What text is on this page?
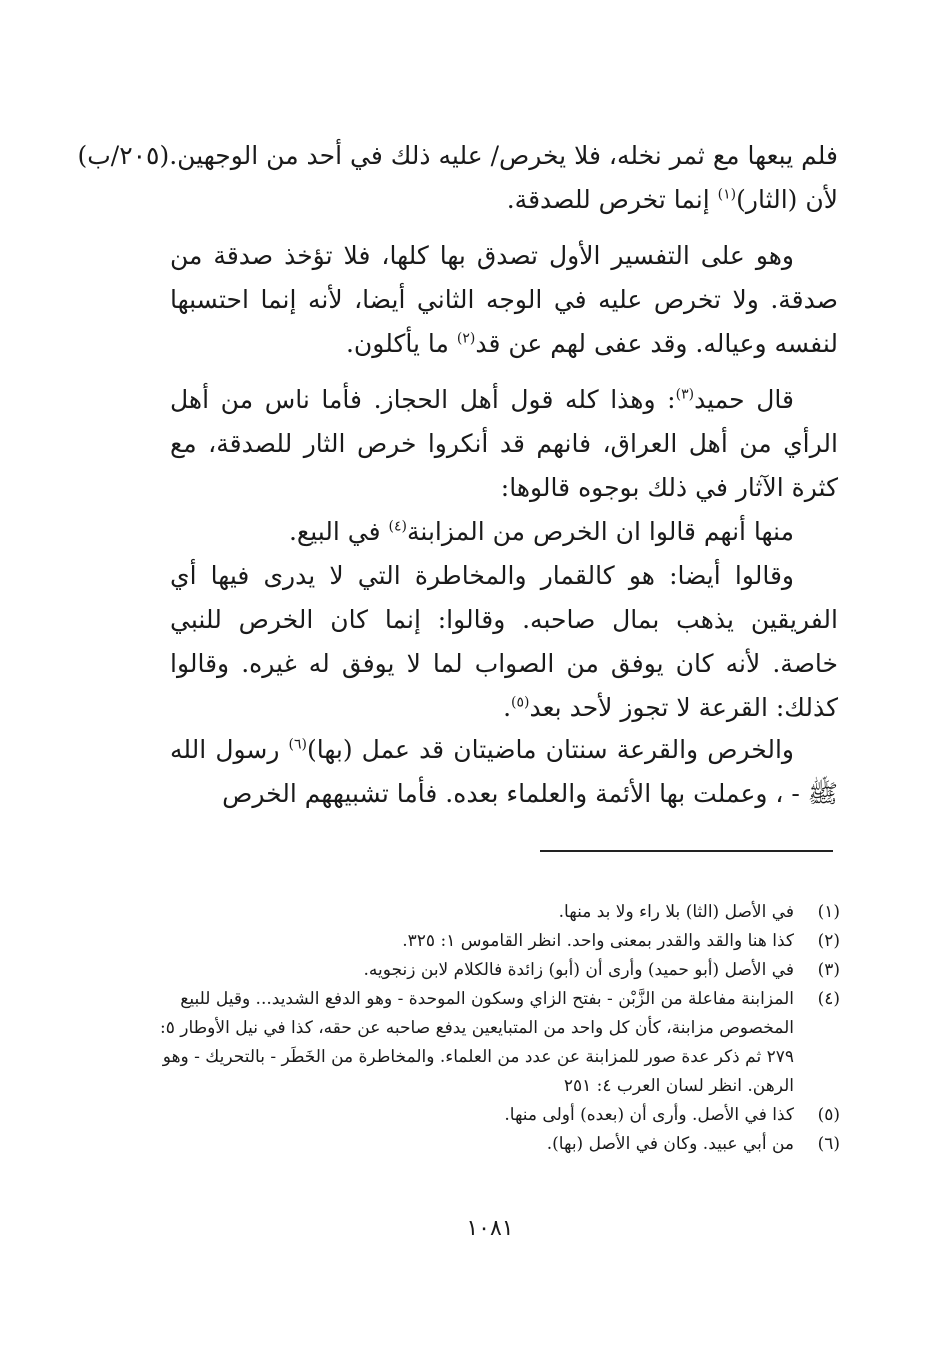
فلم يبعها مع ثمر نخله، فلا يخرص/ عليه ذلك في أحد من الوجهين.(٢٠٥/ب)

لأن (الثار)$^{(١)}$ إنما تخرص للصدقة.

وهو على التفسير الأول تصدق بها كلها، فلا تؤخذ صدقة من صدقة. ولا تخرص عليه في الوجه الثاني أيضا، لأنه إنما احتسبها لنفسه وعياله. وقد عفى لهم عن قد$^{(٢)}$ ما يأكلون.

قال حميد$^{(٣)}$: وهذا كله قول أهل الحجاز. فأما ناس من أهل الرأي من أهل العراق، فانهم قد أنكروا خرص الثار للصدقة، مع كثرة الآثار في ذلك بوجوه قالوها:

منها أنهم قالوا ان الخرص من المزابنة$^{(٤)}$ في البيع.

وقالوا أيضا: هو كالقمار والمخاطرة التي لا يدرى فيها أي الفريقين يذهب بمال صاحبه. وقالوا: إنما كان الخرص للنبي خاصة. لأنه كان يوفق من الصواب لما لا يوفق له غيره. وقالوا كذلك: القرعة لا تجوز لأحد بعد$^{(٥)}$.

والخرص والقرعة سنتان ماضيتان قد عمل (بها)$^{(٦)}$ رسول الله ﷺ - ، وعملت بها الأئمة والعلماء بعده. فأما تشبيههم الخرص

(١)
في الأصل (الثا) بلا راء ولا بد منها.
(٢)
كذا هنا والقد والقدر بمعنى واحد. انظر القاموس ١: ٣٢٥.
(٣)
في الأصل (أبو حميد) وأرى أن (أبو) زائدة فالكلام لابن زنجويه.
(٤)
المزابنة مفاعلة من الزَّبْن - بفتح الزاي وسكون الموحدة - وهو الدفع الشديد... وقيل للبيع المخصوص مزابنة، كأن كل واحد من المتبايعين يدفع صاحبه عن حقه، كذا في نيل الأوطار ٥: ٢٧٩ ثم ذكر عدة صور للمزابنة عن عدد من العلماء. والمخاطرة من الخَطَر - بالتحريك - وهو الرهن. انظر لسان العرب ٤: ٢٥١
(٥)
كذا في الأصل. وأرى أن (بعده) أولى منها.
(٦)
من أبي عبيد. وكان في الأصل (بها).
١٠٨١
